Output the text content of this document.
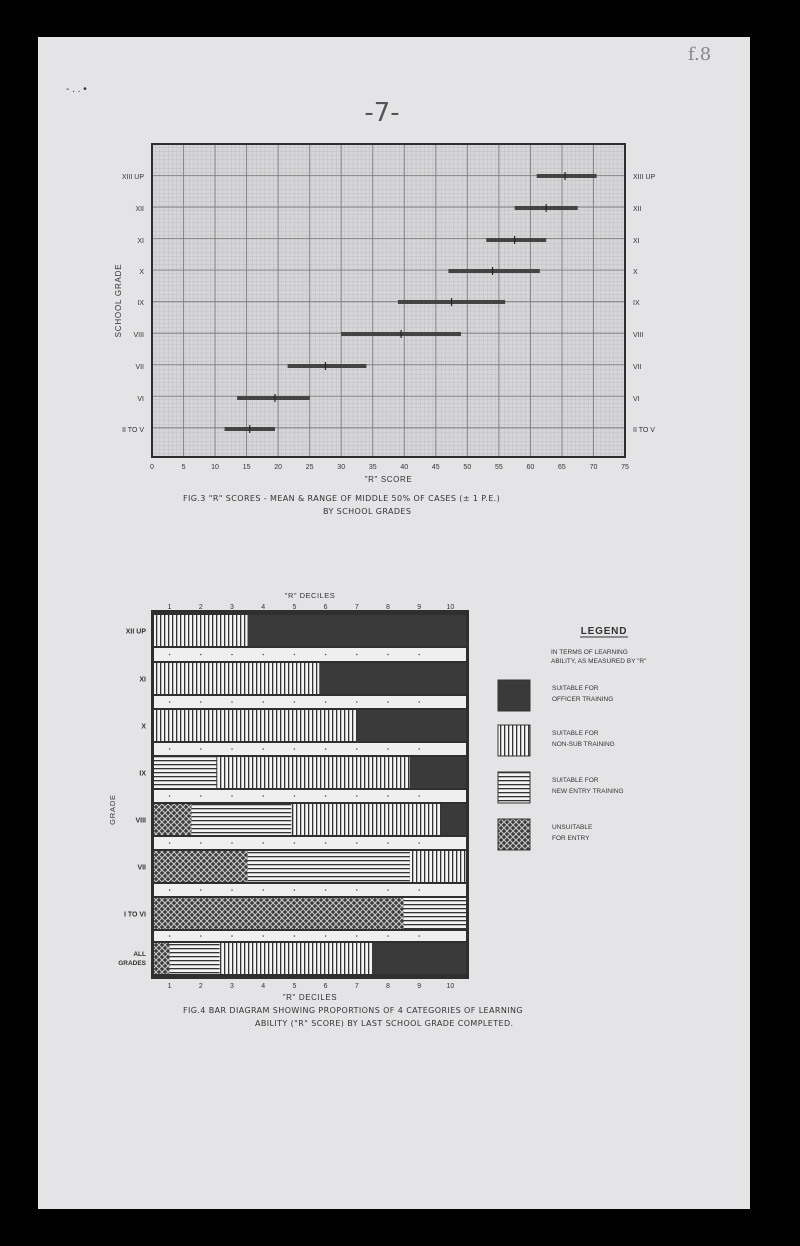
- . . •
f.8
-7-
0	5	10	15	20	25	30	35	40	45	50	55	60	65	70	75
"R" SCORE
SCHOOL GRADE
XIII UP	XIII UP
XII	XII
XI	XI
X	X
IX	IX
VIII	VIII
VII	VII
VI	VI
II TO V	II TO V
XII UP
XI
X
IX
VIII
VII
I TO VI
ALL
GRADES
1
1
2
2
3
3
4
4
5
5
6
6
7
7
8
8
9
9
10
10
"R" DECILES
"R" DECILES
GRADE
LEGEND
IN TERMS OF LEARNING
ABILITY, AS MEASURED BY "R"
SUITABLE FOR
OFFICER TRAINING
SUITABLE FOR
NON-SUB TRAINING
SUITABLE FOR
NEW ENTRY TRAINING
UNSUITABLE
FOR ENTRY
FIG.3 "R" SCORES - MEAN & RANGE OF MIDDLE 50% OF CASES (± 1 P.E.)
BY SCHOOL GRADES
FIG.4 BAR DIAGRAM SHOWING PROPORTIONS OF 4 CATEGORIES OF LEARNING
ABILITY ("R" SCORE) BY LAST SCHOOL GRADE COMPLETED.
